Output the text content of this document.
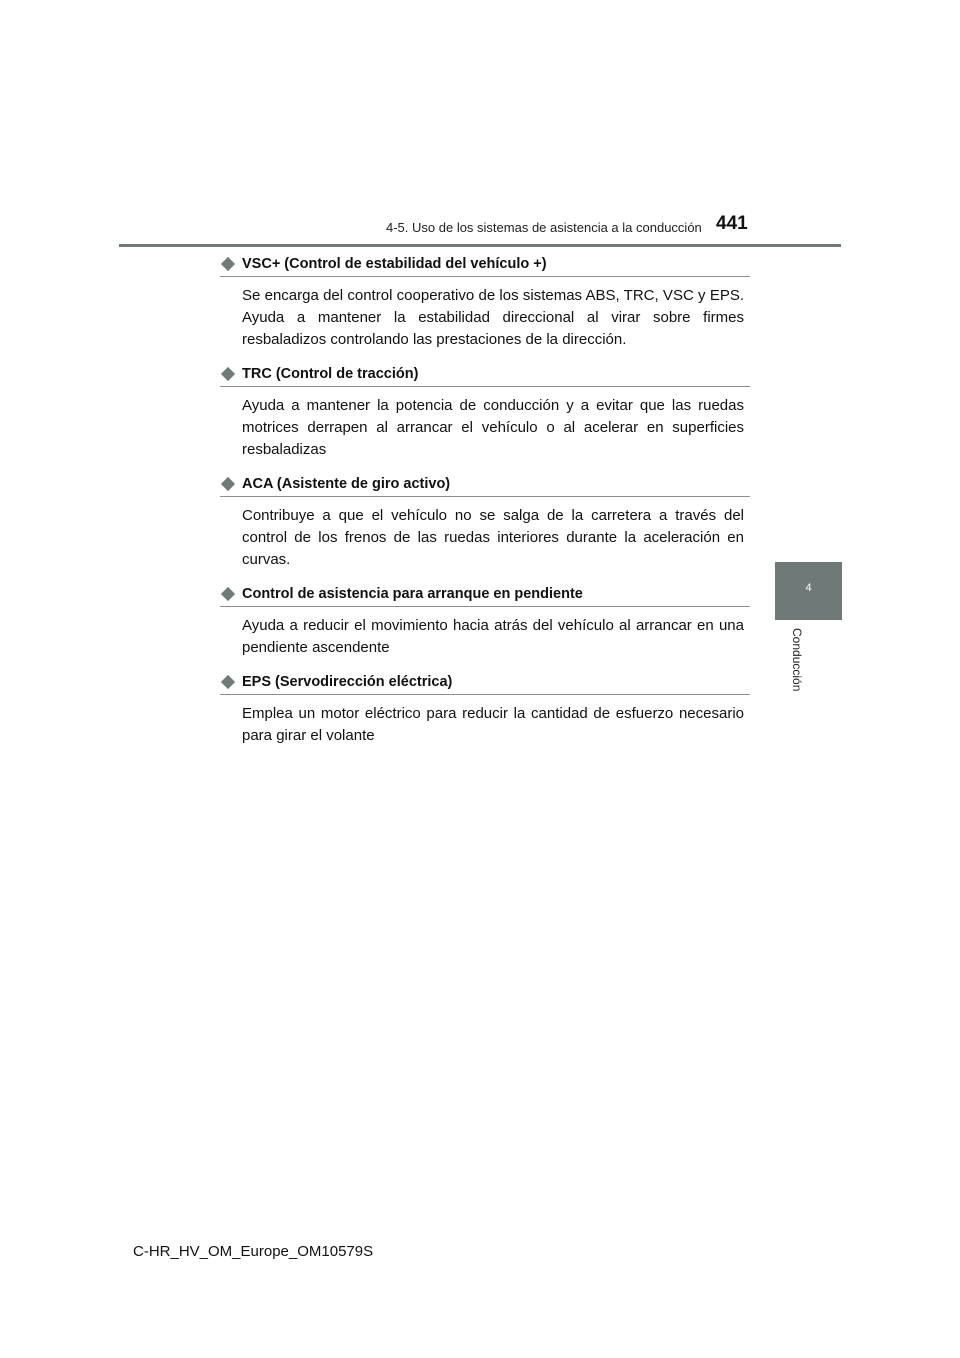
4-5. Uso de los sistemas de asistencia a la conducción 441
4
Conducción
VSC+ (Control de estabilidad del vehículo +)

Se encarga del control cooperativo de los sistemas ABS, TRC, VSC y EPS. Ayuda a mantener la estabilidad direccional al virar sobre firmes resbaladizos controlando las prestaciones de la dirección.

TRC (Control de tracción)

Ayuda a mantener la potencia de conducción y a evitar que las ruedas motrices derrapen al arrancar el vehículo o al acelerar en superficies resbaladizas

ACA (Asistente de giro activo)

Contribuye a que el vehículo no se salga de la carretera a través del control de los frenos de las ruedas interiores durante la aceleración en curvas.

Control de asistencia para arranque en pendiente

Ayuda a reducir el movimiento hacia atrás del vehículo al arrancar en una pendiente ascendente

EPS (Servodirección eléctrica)

Emplea un motor eléctrico para reducir la cantidad de esfuerzo necesario para girar el volante

C-HR_HV_OM_Europe_OM10579S
